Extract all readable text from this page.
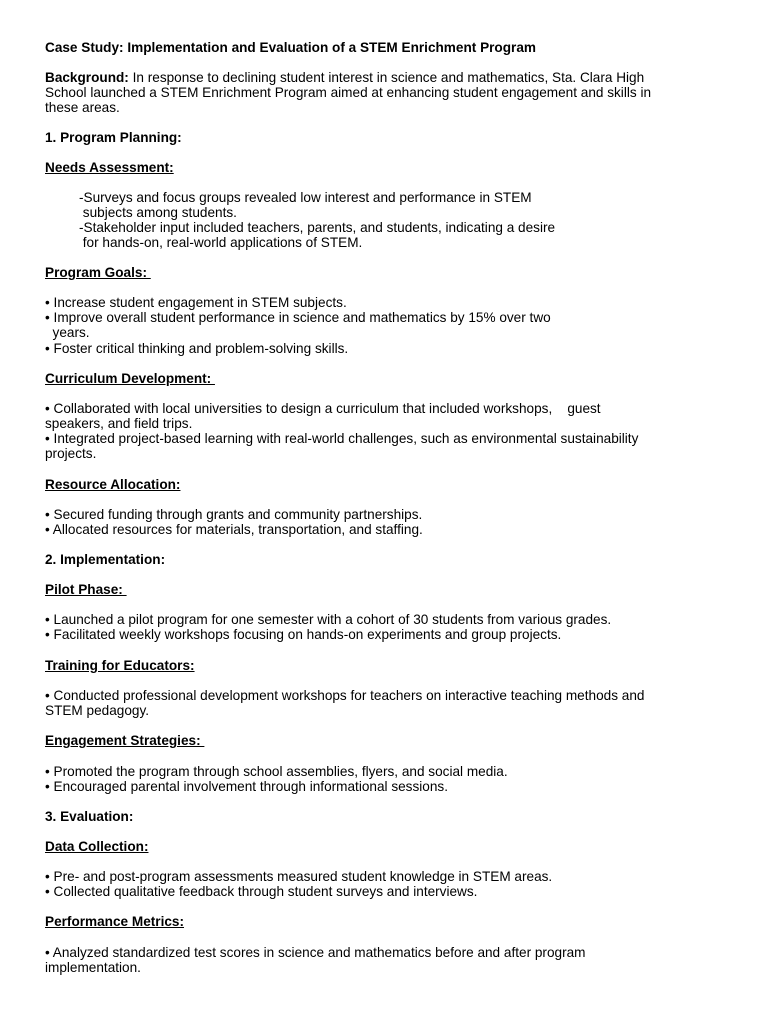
Case Study: Implementation and Evaluation of a STEM Enrichment Program

Background: In response to declining student interest in science and mathematics, Sta. Clara High

School launched a STEM Enrichment Program aimed at enhancing student engagement and skills in

these areas.

1. Program Planning:

Needs Assessment:

-Surveys and focus groups revealed low interest and performance in STEM

subjects among students.

-Stakeholder input included teachers, parents, and students, indicating a desire

for hands-on, real-world applications of STEM.

Program Goals:

• Increase student engagement in STEM subjects.

• Improve overall student performance in science and mathematics by 15% over two

years.

• Foster critical thinking and problem-solving skills.

Curriculum Development:

• Collaborated with local universities to design a curriculum that included workshops,    guest

speakers, and field trips.

• Integrated project-based learning with real-world challenges, such as environmental sustainability

projects.

Resource Allocation:

• Secured funding through grants and community partnerships.

• Allocated resources for materials, transportation, and staffing.

2. Implementation:

Pilot Phase:

• Launched a pilot program for one semester with a cohort of 30 students from various grades.

• Facilitated weekly workshops focusing on hands-on experiments and group projects.

Training for Educators:

• Conducted professional development workshops for teachers on interactive teaching methods and

STEM pedagogy.

Engagement Strategies:

• Promoted the program through school assemblies, flyers, and social media.

• Encouraged parental involvement through informational sessions.

3. Evaluation:

Data Collection:

• Pre- and post-program assessments measured student knowledge in STEM areas.

• Collected qualitative feedback through student surveys and interviews.

Performance Metrics:

• Analyzed standardized test scores in science and mathematics before and after program

implementation.
